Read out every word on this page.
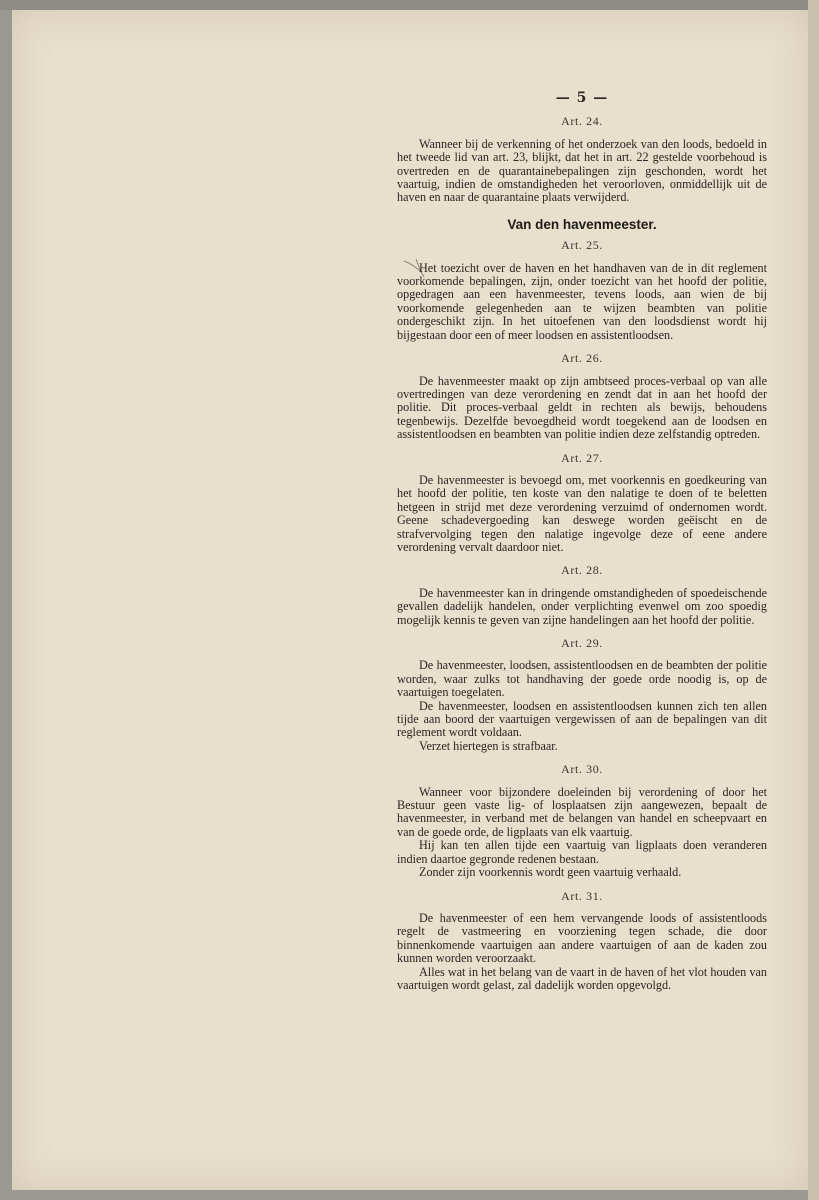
— 5 —
Art. 24.

Wanneer bij de verkenning of het onderzoek van den loods, bedoeld in het tweede lid van art. 23, blijkt, dat het in art. 22 gestelde voorbehoud is overtreden en de quarantainebepalingen zijn geschonden, wordt het vaartuig, indien de omstandigheden het veroorloven, onmiddellijk uit de haven en naar de quarantaine plaats verwijderd.

Van den havenmeester.
Art. 25.

Het toezicht over de haven en het handhaven van de in dit reglement voorkomende bepalingen, zijn, onder toezicht van het hoofd der politie, opgedragen aan een havenmeester, tevens loods, aan wien de bij voorkomende gelegenheden aan te wijzen beambten van politie ondergeschikt zijn. In het uitoefenen van den loodsdienst wordt hij bijgestaan door een of meer loodsen en assistentloodsen.

Art. 26.

De havenmeester maakt op zijn ambtseed proces-verbaal op van alle overtredingen van deze verordening en zendt dat in aan het hoofd der politie. Dit proces-verbaal geldt in rechten als bewijs, behoudens tegenbewijs. Dezelfde bevoegdheid wordt toegekend aan de loodsen en assistentloodsen en beambten van politie indien deze zelfstandig optreden.

Art. 27.

De havenmeester is bevoegd om, met voorkennis en goedkeuring van het hoofd der politie, ten koste van den nalatige te doen of te beletten hetgeen in strijd met deze verordening verzuimd of ondernomen wordt. Geene schadevergoeding kan deswege worden geëischt en de strafvervolging tegen den nalatige ingevolge deze of eene andere verordening vervalt daardoor niet.

Art. 28.

De havenmeester kan in dringende omstandigheden of spoedeischende gevallen dadelijk handelen, onder verplichting evenwel om zoo spoedig mogelijk kennis te geven van zijne handelingen aan het hoofd der politie.

Art. 29.

De havenmeester, loodsen, assistentloodsen en de beambten der politie worden, waar zulks tot handhaving der goede orde noodig is, op de vaartuigen toegelaten.

De havenmeester, loodsen en assistentloodsen kunnen zich ten allen tijde aan boord der vaartuigen vergewissen of aan de bepalingen van dit reglement wordt voldaan.

Verzet hiertegen is strafbaar.

Art. 30.

Wanneer voor bijzondere doeleinden bij verordening of door het Bestuur geen vaste lig- of losplaatsen zijn aangewezen, bepaalt de havenmeester, in verband met de belangen van handel en scheepvaart en van de goede orde, de ligplaats van elk vaartuig.

Hij kan ten allen tijde een vaartuig van ligplaats doen veranderen indien daartoe gegronde redenen bestaan.

Zonder zijn voorkennis wordt geen vaartuig verhaald.

Art. 31.

De havenmeester of een hem vervangende loods of assistentloods regelt de vastmeering en voorziening tegen schade, die door binnenkomende vaartuigen aan andere vaartuigen of aan de kaden zou kunnen worden veroorzaakt.

Alles wat in het belang van de vaart in de haven of het vlot houden van vaartuigen wordt gelast, zal dadelijk worden opgevolgd.
